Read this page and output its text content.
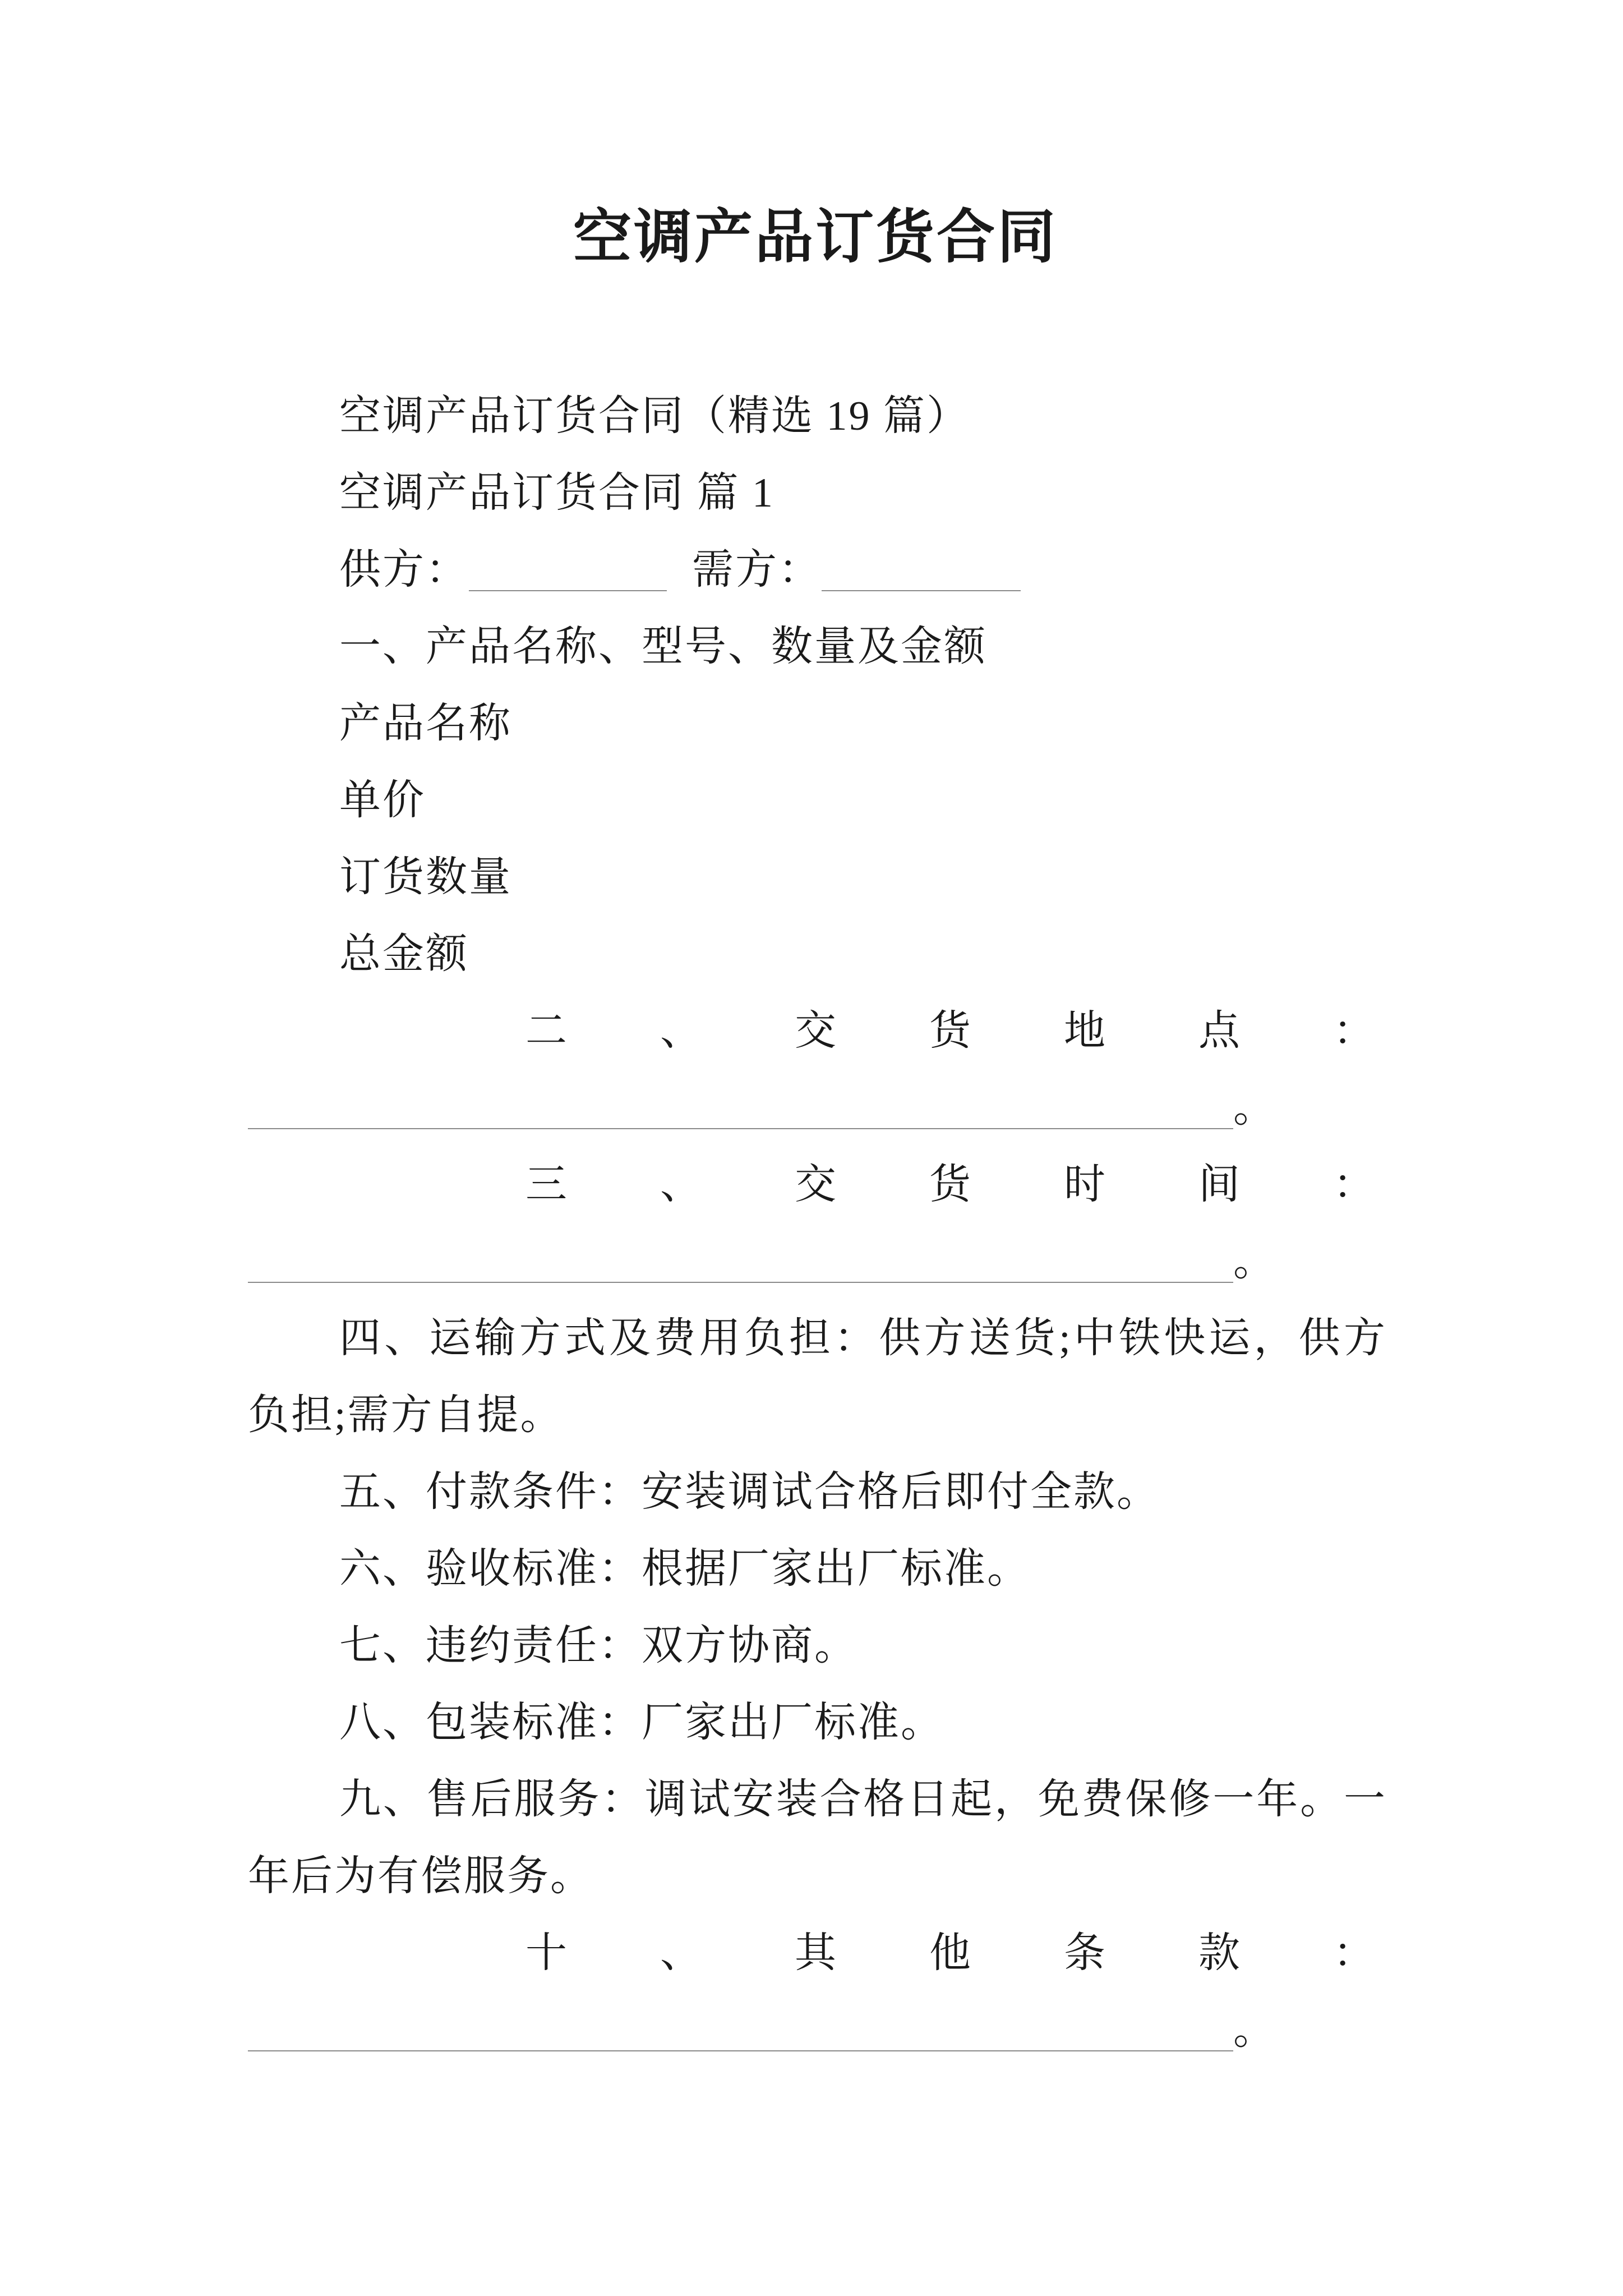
空调产品订货合同
空调产品订货合同（精选 19 篇）
空调产品订货合同 篇 1
供方：	需方：
一、产品名称、型号、数量及金额
产品名称
单价
订货数量
总金额
二 、 交 货 地 点 ：
。
三 、 交 货 时 间 ：
。
四、运输方式及费用负担：供方送货;中铁快运，供方
负担;需方自提。
五、付款条件：安装调试合格后即付全款。
六、验收标准：根据厂家出厂标准。
七、违约责任：双方协商。
八、包装标准：厂家出厂标准。
九、售后服务：调试安装合格日起，免费保修一年。一
年后为有偿服务。
十 、 其 他 条 款 ：
。
